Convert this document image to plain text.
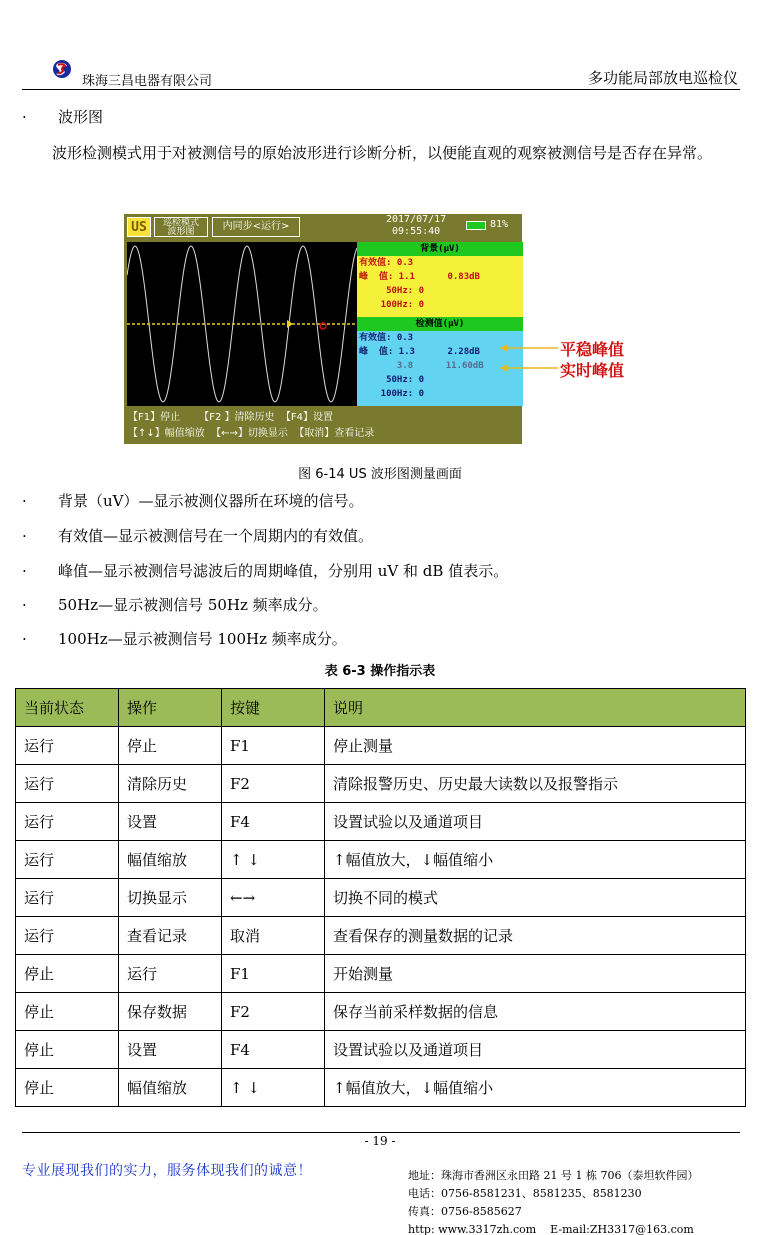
珠海三昌电器有限公司	多功能局部放电巡检仪
· 波形图
波形检测模式用于对被测信号的原始波形进行诊断分析，以便能直观的观察被测信号是否存在异常。
US	巡检模式
波形图	内同步<运行>
2017/07/17
09:55:40
81%
背景(μV)
有效值: 0.3
峰  值: 1.1      0.83dB
50Hz: 0
100Hz: 0
检测值(μV)
有效值: 0.3
峰  值: 1.3      2.28dB
3.8      11.60dB
50Hz: 0
100Hz: 0
【F1】停止      【F2 】清除历史  【F4】设置
【↑↓】幅值缩放  【←→】切换显示  【取消】查看记录
平稳峰值
实时峰值
图 6-14 US 波形图测量画面
· 背景（uV）—显示被测仪器所在环境的信号。
· 有效值—显示被测信号在一个周期内的有效值。
· 峰值—显示被测信号滤波后的周期峰值，分别用 uV 和 dB 值表示。
· 50Hz—显示被测信号 50Hz 频率成分。
· 100Hz—显示被测信号 100Hz 频率成分。
表 6-3 操作指示表
当前状态	操作	按键	说明
运行	停止	F1	停止测量
运行	清除历史	F2	清除报警历史、历史最大读数以及报警指示
运行	设置	F4	设置试验以及通道项目
运行	幅值缩放	↑ ↓	↑幅值放大，↓幅值缩小
运行	切换显示	←→	切换不同的模式
运行	查看记录	取消	查看保存的测量数据的记录
停止	运行	F1	开始测量
停止	保存数据	F2	保存当前采样数据的信息
停止	设置	F4	设置试验以及通道项目
停止	幅值缩放	↑ ↓	↑幅值放大，↓幅值缩小
- 19 -
专业展现我们的实力，服务体现我们的诚意！	地址：珠海市香洲区永田路 21 号 1 栋 706（泰坦软件园）
电话：0756-8581231、8581235、8581230
传真：0756-8585627
http: www.3317zh.com    E-mail:ZH3317@163.com
